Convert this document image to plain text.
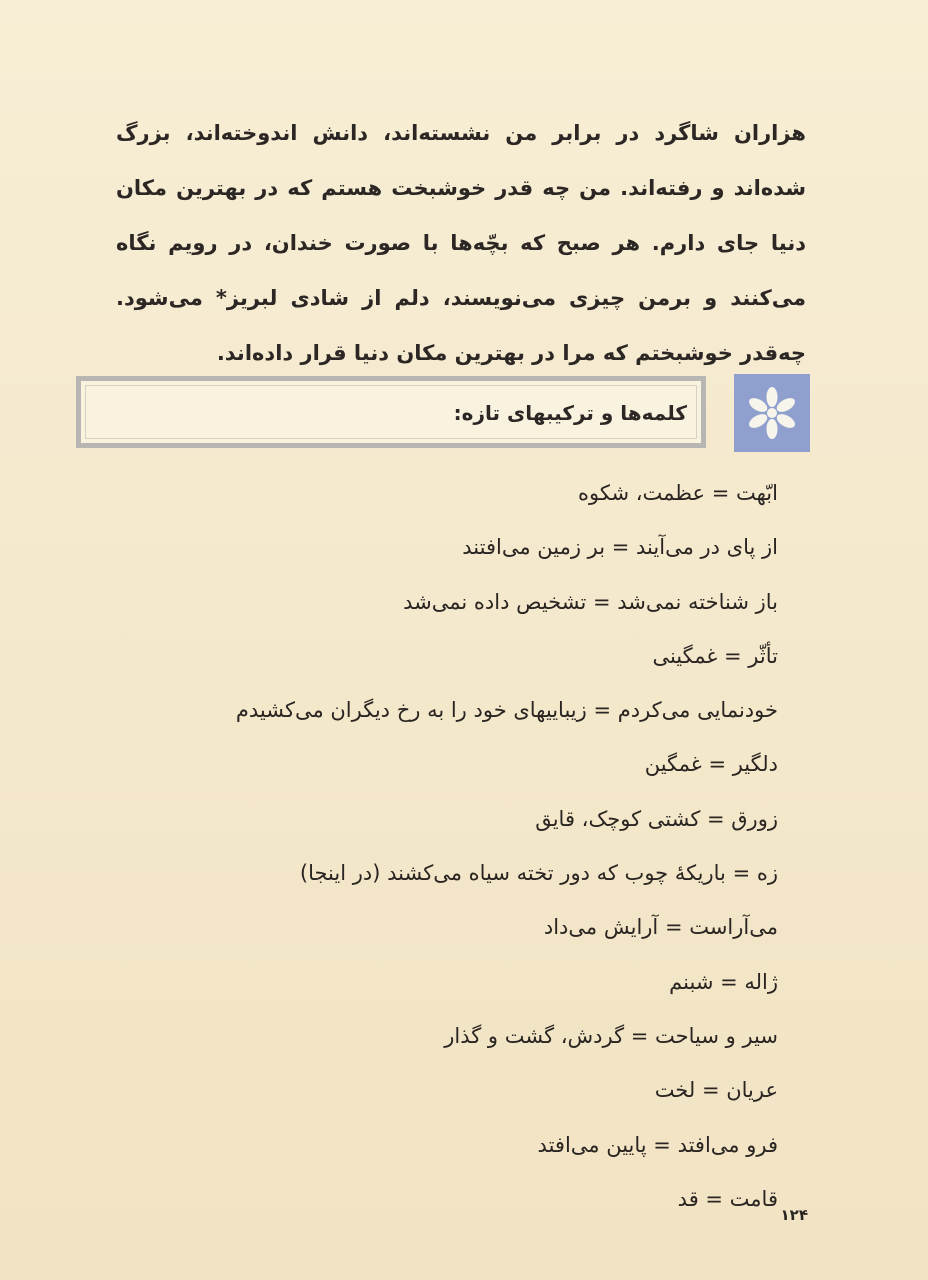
هزاران شاگرد در برابر من نشسته‌اند، دانش اندوخته‌اند، بزرگ شده‌اند و رفته‌اند. من چه قدر خوشبخت هستم که در بهترین مکان دنیا جای دارم. هر صبح که بچّه‌ها با صورت خندان، در رویم نگاه می‌کنند و برمن چیزی می‌نویسند، دلم از شادی لبریز* می‌شود. چه‌قدر خوشبختم که مرا در بهترین مکان دنیا قرار داده‌اند.

کلمه‌ها و ترکیبهای تازه:
ابّهت = عظمت، شکوه
از پای در می‌آیند = بر زمین می‌افتند
باز شناخته نمی‌شد = تشخیص داده نمی‌شد
تأثّر = غمگینی
خودنمایی می‌کردم = زیباییهای خود را به رخ دیگران می‌کشیدم
دلگیر = غمگین
زورق = کشتی کوچک، قایق
زه = باریکهٔ چوب که دور تخته سیاه می‌کشند (در اینجا)
می‌آراست = آرایش می‌داد
ژاله = شبنم
سیر و سیاحت = گردش، گشت و گذار
عریان = لخت
فرو می‌افتد = پایین می‌افتد
قامت = قد
۱۲۴
